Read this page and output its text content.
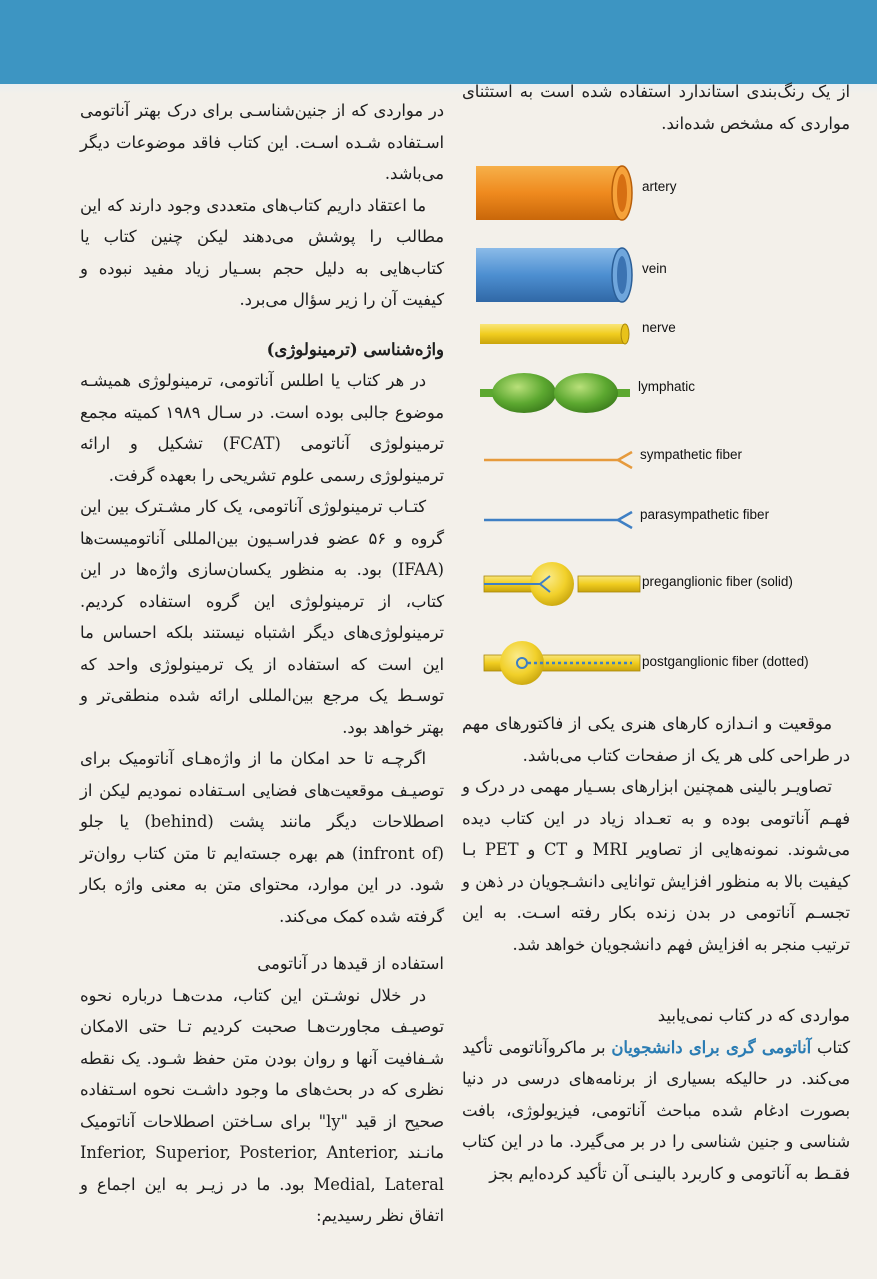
از یک رنگ‌بندی استاندارد استفاده شده است به استثنای مواردی که مشخص شده‌اند.

artery
vein
nerve
lymphatic
sympathetic fiber
parasympathetic fiber
preganglionic fiber (solid)
postganglionic fiber (dotted)

موقعیت و انـدازه کارهای هنری یکی از فاکتورهای مهم در طراحی کلی هر یک از صفحات کتاب می‌باشد.

تصاویـر بالینی همچنین ابزارهای بسـیار مهمی در درک و فهـم آناتومی بوده و به تعـداد زیاد در این کتاب دیده می‌شوند. نمونه‌هایی از تصاویر MRI و CT و PET بـا کیفیت بالا به منظور افزایش توانایی دانشـجویان در ذهن و تجسـم آناتومی در بدن زنده بکار رفته اسـت. به این ترتیب منجر به افزایش فهم دانشجویان خواهد شد.

مواردی که در کتاب نمی‌یابید

کتاب آناتومی گری برای دانشجویان بر ماکروآناتومی تأکید می‌کند. در حالیکه بسیاری از برنامه‌های درسی در دنیا بصورت ادغام شده مباحث آناتومی، فیزیولوژی، بافت شناسی و جنین شناسی را در بر می‌گیرد. ما در این کتاب فقـط به آناتومی و کاربرد بالینـی آن تأکید کرده‌ایم بجز

در مواردی که از جنین‌شناسـی برای درک بهتر آناتومی اسـتفاده شـده اسـت. این کتاب فاقد موضوعات دیگر می‌باشد.

ما اعتقاد داریم کتاب‌های متعددی وجود دارند که این مطالب را پوشش می‌دهند لیکن چنین کتاب یا کتاب‌هایی به دلیل حجم بسـیار زیاد مفید نبوده و کیفیت آن را زیر سؤال می‌برد.

واژه‌شناسی (ترمینولوژی)

در هر کتاب یا اطلس آناتومی، ترمینولوژی همیشـه موضوع جالبی بوده است. در سـال ۱۹۸۹ کمیته مجمع ترمینولوژی آناتومی (FCAT) تشکیل و ارائه ترمینولوژی رسمی علوم تشریحی را بعهده گرفت.

کتـاب ترمینولوژی آناتومی، یک کار مشـترک بین این گروه و ۵۶ عضو فدراسـیون بین‌المللی آناتومیست‌ها (IFAA) بود. به منظور یکسان‌سازی واژه‌ها در این کتاب، از ترمینولوژی این گروه استفاده کردیم. ترمینولوژی‌های دیگر اشتباه نیستند بلکه احساس ما این است که استفاده از یک ترمینولوژی واحد که توسـط یک مرجع بین‌المللی ارائه شده منطقی‌تر و بهتر خواهد بود.

اگرچـه تا حد امکان ما از واژه‌هـای آناتومیک برای توصیـف موقعیت‌های فضایی اسـتفاده نمودیم لیکن از اصطلاحات دیگر مانند پشت (behind) یا جلو (infront of) هم بهره جسته‌ایم تا متن کتاب روان‌تر شود. در این موارد، محتوای متن به معنی واژه بکار گرفته شده کمک می‌کند.

استفاده از قیدها در آناتومی

در خلال نوشـتن این کتاب، مدت‌هـا درباره نحوه توصیـف مجاورت‌هـا صحبت کردیم تـا حتی الامکان شـفافیت آنها و روان بودن متن حفظ شـود. یک نقطه نظری که در بحث‌های ما وجود داشـت نحوه اسـتفاده صحیح از قید "ly" برای سـاختن اصطلاحات آناتومیک مانـند Inferior, Superior, Posterior, Anterior, Medial, Lateral بود. ما در زیـر به این اجماع و اتفاق نظر رسیدیم:
